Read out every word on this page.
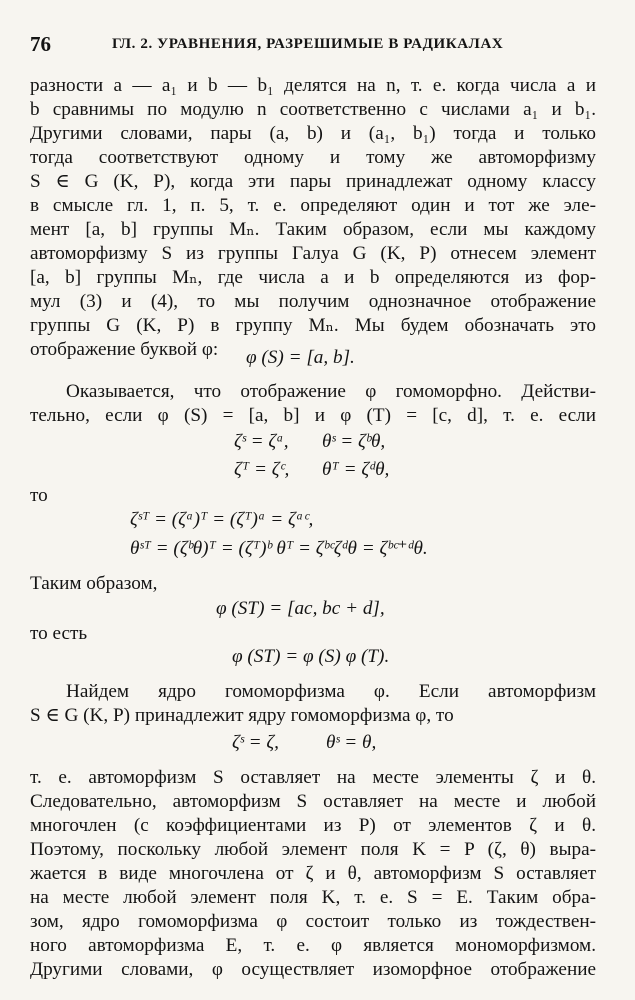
76	ГЛ. 2. УРАВНЕНИЯ, РАЗРЕШИМЫЕ В РАДИКАЛАХ
разности a — a₁ и b — b₁ делятся на n, т. е. когда числа a и
b сравнимы по модулю n соответственно с числами a₁ и b₁.
Другими словами, пары (a, b) и (a₁, b₁) тогда и только
тогда соответствуют одному и тому же автоморфизму
S ∈ G (K, P), когда эти пары принадлежат одному классу
в смысле гл. 1, п. 5, т. е. определяют один и тот же эле-
мент [a, b] группы Mₙ. Таким образом, если мы каждому
автоморфизму S из группы Галуа G (K, P) отнесем элемент
[a, b] группы Mₙ, где числа a и b определяются из фор-
мул (3) и (4), то мы получим однозначное отображение
группы G (K, P) в группу Mₙ. Мы будем обозначать это
отображение буквой φ:	φ (S) = [a, b].
Оказывается, что отображение φ гомоморфно. Действи-
тельно, если φ (S) = [a, b] и φ (T) = [c, d], т. е. если
ζˢ = ζᵃ, θˢ = ζᵇθ,
ζᵀ = ζᶜ, θᵀ = ζᵈθ,
то
ζˢᵀ = (ζᵃ)ᵀ = (ζᵀ)ᵃ = ζᵃᶜ,
θˢᵀ = (ζᵇθ)ᵀ = (ζᵀ)ᵇ θᵀ = ζᵇᶜζᵈθ = ζᵇᶜ⁺ᵈθ.
Таким образом,
φ (ST) = [ac, bc + d],
то есть
φ (ST) = φ (S) φ (T).
Найдем ядро гомоморфизма φ. Если автоморфизм
S ∈ G (K, P) принадлежит ядру гомоморфизма φ, то
ζˢ = ζ, θˢ = θ,
т. е. автоморфизм S оставляет на месте элементы ζ и θ.
Следовательно, автоморфизм S оставляет на месте и любой
многочлен (с коэффициентами из P) от элементов ζ и θ.
Поэтому, поскольку любой элемент поля K = P (ζ, θ) выра-
жается в виде многочлена от ζ и θ, автоморфизм S оставляет
на месте любой элемент поля K, т. е. S = E. Таким обра-
зом, ядро гомоморфизма φ состоит только из тождествен-
ного автоморфизма E, т. е. φ является мономорфизмом.
Другими словами, φ осуществляет изоморфное отображение
